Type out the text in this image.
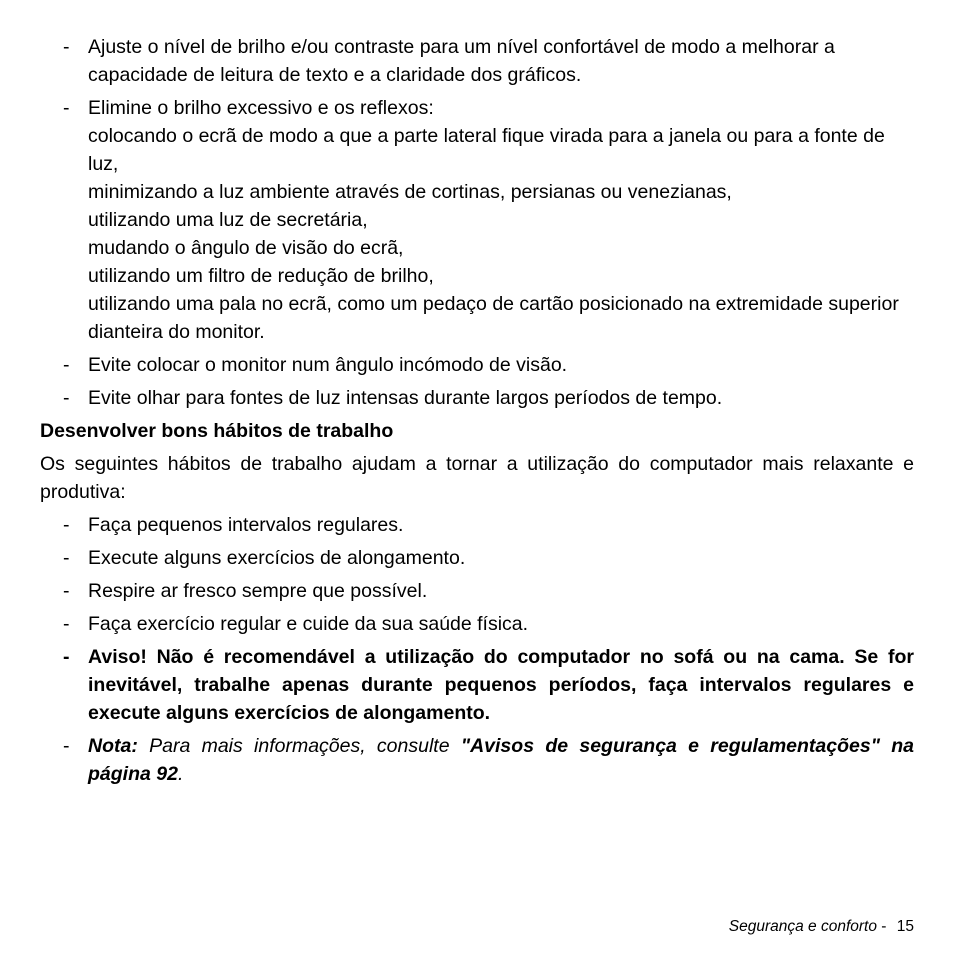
- Ajuste o nível de brilho e/ou contraste para um nível confortável de modo a melhorar a capacidade de leitura de texto e a claridade dos gráficos.
- Elimine o brilho excessivo e os reflexos:
colocando o ecrã de modo a que a parte lateral fique virada para a janela ou para a fonte de luz,
minimizando a luz ambiente através de cortinas, persianas ou venezianas,
utilizando uma luz de secretária,
mudando o ângulo de visão do ecrã,
utilizando um filtro de redução de brilho,
utilizando uma pala no ecrã, como um pedaço de cartão posicionado na extremidade superior dianteira do monitor.
- Evite colocar o monitor num ângulo incómodo de visão.
- Evite olhar para fontes de luz intensas durante largos períodos de tempo.
Desenvolver bons hábitos de trabalho
Os seguintes hábitos de trabalho ajudam a tornar a utilização do computador mais relaxante e produtiva:
- Faça pequenos intervalos regulares.
- Execute alguns exercícios de alongamento.
- Respire ar fresco sempre que possível.
- Faça exercício regular e cuide da sua saúde física.
- Aviso! Não é recomendável a utilização do computador no sofá ou na cama. Se for inevitável, trabalhe apenas durante pequenos períodos, faça intervalos regulares e execute alguns exercícios de alongamento.
- Nota: Para mais informações, consulte "Avisos de segurança e regulamentações" na página 92.
Segurança e conforto - 15
